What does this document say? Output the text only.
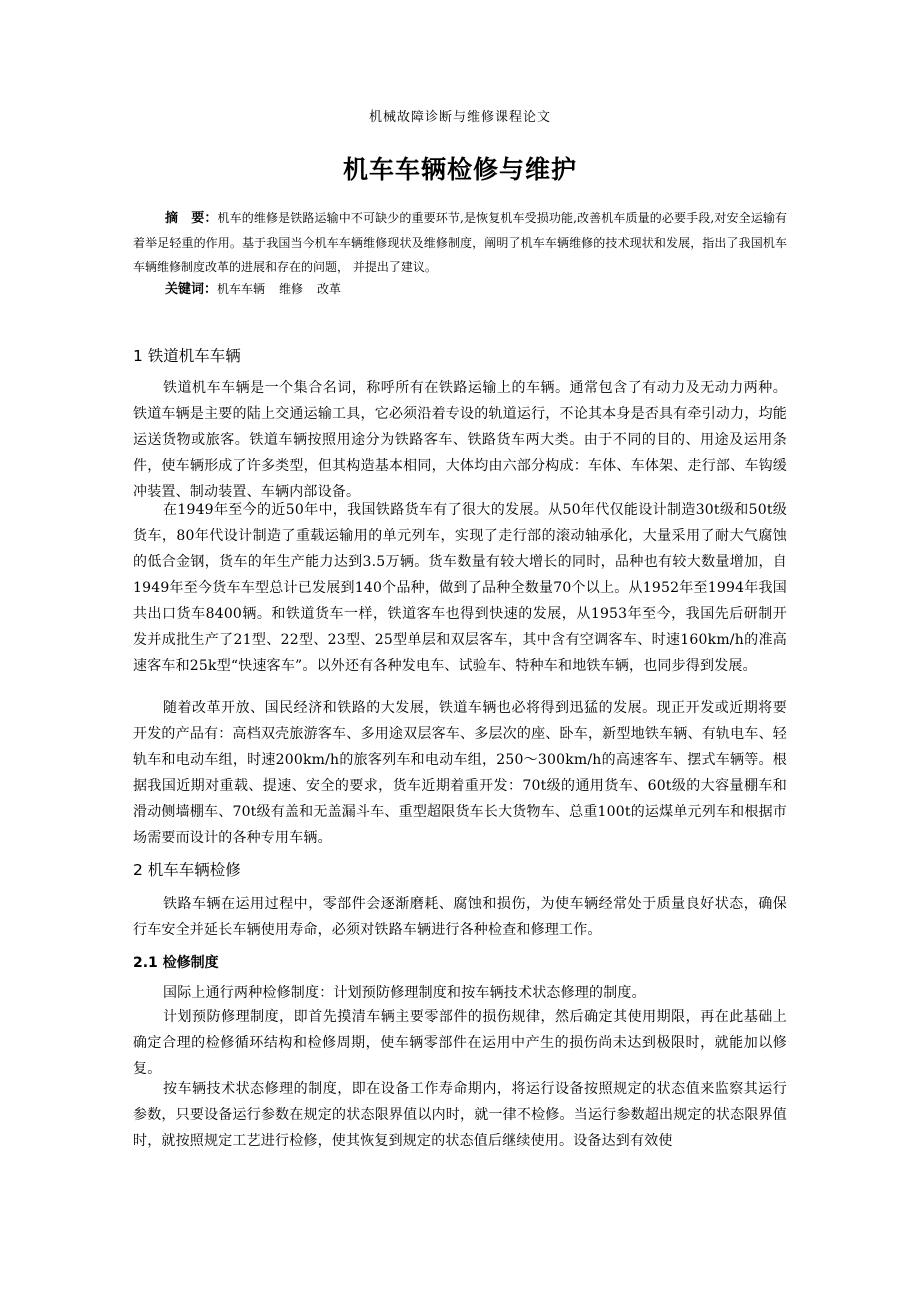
机械故障诊断与维修课程论文
机车车辆检修与维护
摘　要：机车的维修是铁路运输中不可缺少的重要环节,是恢复机车受损功能,改善机车质量的必要手段,对安全运输有着举足轻重的作用。基于我国当今机车车辆维修现状及维修制度，阐明了机车车辆维修的技术现状和发展，指出了我国机车车辆维修制度改革的进展和存在的问题， 并提出了建议。
关键词：机车车辆 维修 改革
1 铁道机车车辆
铁道机车车辆是一个集合名词，称呼所有在铁路运输上的车辆。通常包含了有动力及无动力两种。铁道车辆是主要的陆上交通运输工具，它必须沿着专设的轨道运行，不论其本身是否具有牵引动力，均能运送货物或旅客。铁道车辆按照用途分为铁路客车、铁路货车两大类。由于不同的目的、用途及运用条件，使车辆形成了许多类型，但其构造基本相同，大体均由六部分构成：车体、车体架、走行部、车钩缓冲装置、制动装置、车辆内部设备。
在1949年至今的近50年中，我国铁路货车有了很大的发展。从50年代仅能设计制造30t级和50t级货车，80年代设计制造了重载运输用的单元列车，实现了走行部的滚动轴承化，大量采用了耐大气腐蚀的低合金钢，货车的年生产能力达到3.5万辆。货车数量有较大增长的同时，品种也有较大数量增加，自1949年至今货车车型总计已发展到140个品种，做到了品种全数量70个以上。从1952年至1994年我国共出口货车8400辆。和铁道货车一样，铁道客车也得到快速的发展，从1953年至今，我国先后研制开发并成批生产了21型、22型、23型、25型单层和双层客车，其中含有空调客车、时速160km/h的准高速客车和25k型“快速客车”。以外还有各种发电车、试验车、特种车和地铁车辆，也同步得到发展。
随着改革开放、国民经济和铁路的大发展，铁道车辆也必将得到迅猛的发展。现正开发或近期将要开发的产品有：高档双壳旅游客车、多用途双层客车、多层次的座、卧车，新型地铁车辆、有轨电车、轻轨车和电动车组，时速200km/h的旅客列车和电动车组，250～300km/h的高速客车、摆式车辆等。根据我国近期对重载、提速、安全的要求，货车近期着重开发：70t级的通用货车、60t级的大容量棚车和滑动侧墙棚车、70t级有盖和无盖漏斗车、重型超限货车长大货物车、总重100t的运煤单元列车和根据市场需要而设计的各种专用车辆。
2 机车车辆检修
铁路车辆在运用过程中，零部件会逐渐磨耗、腐蚀和损伤，为使车辆经常处于质量良好状态，确保行车安全并延长车辆使用寿命，必须对铁路车辆进行各种检查和修理工作。
2.1 检修制度
国际上通行两种检修制度：计划预防修理制度和按车辆技术状态修理的制度。
计划预防修理制度，即首先摸清车辆主要零部件的损伤规律，然后确定其使用期限，再在此基础上确定合理的检修循环结构和检修周期，使车辆零部件在运用中产生的损伤尚未达到极限时，就能加以修复。
按车辆技术状态修理的制度，即在设备工作寿命期内，将运行设备按照规定的状态值来监察其运行参数，只要设备运行参数在规定的状态限界值以内时，就一律不检修。当运行参数超出规定的状态限界值时，就按照规定工艺进行检修，使其恢复到规定的状态值后继续使用。设备达到有效使
